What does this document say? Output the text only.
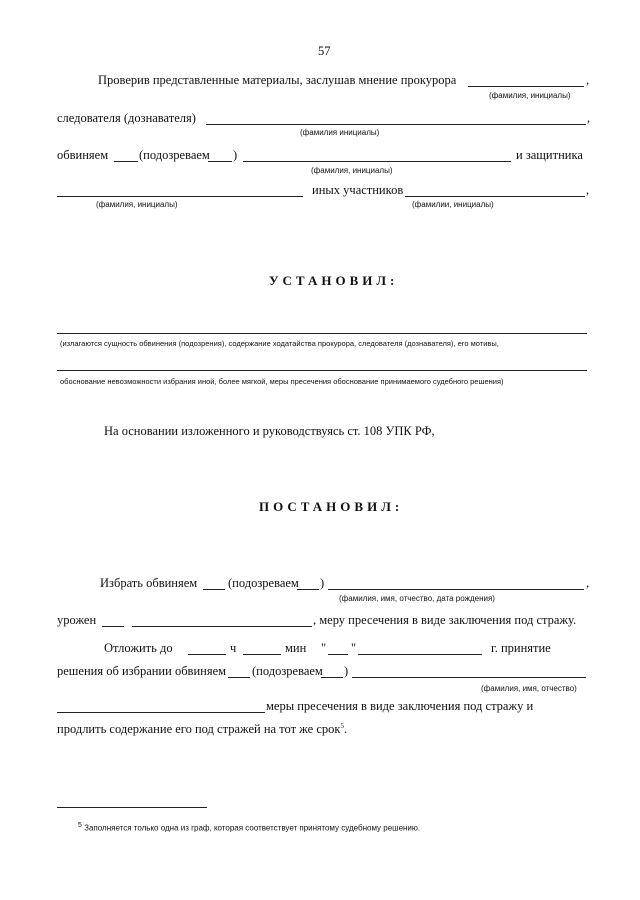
57
Проверив представленные материалы, заслушав мнение прокурора	,
(фамилия, инициалы)
следователя (дознавателя)	,
(фамилия инициалы)
обвиняем (подозреваем )	и защитника
(фамилия, инициалы)
иных участников	,
(фамилия, инициалы)	(фамилии, инициалы)
УСТАНОВИЛ:
(излагаются сущность обвинения (подозрения), содержание ходатайства прокурора, следователя (дознавателя), его мотивы,
обоснование невозможности избрания иной, более мягкой, меры пресечения обоснование принимаемого судебного решения)
На основании изложенного и руководствуясь ст. 108 УПК РФ,
ПОСТАНОВИЛ:
Избрать обвиняем (подозреваем )	,
(фамилия, имя, отчество, дата рождения)
урожен	, меру пресечения в виде заключения под стражу.
Отложить до	ч	мин " "	г. принятие
решения об избрании обвиняем (подозреваем )
(фамилия, имя, отчество)
меры пресечения в виде заключения под стражу и
продлить содержание его под стражей на тот же срок$^5$.
$^5$ Заполняется только одна из граф, которая соответствует принятому судебному решению.
